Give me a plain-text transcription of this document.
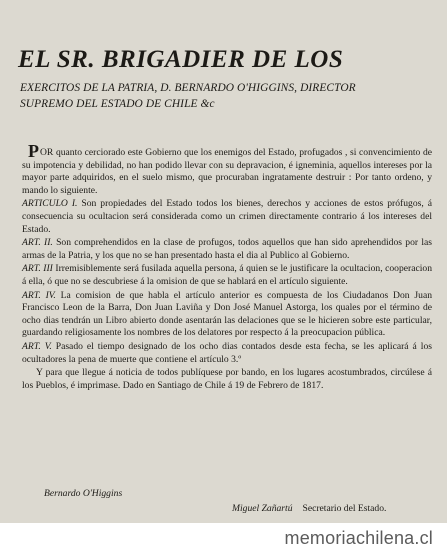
EL SR. BRIGADIER DE LOS
EXERCITOS DE LA PATRIA, D. BERNARDO O'HIGGINS, DIRECTOR
SUPREMO DEL ESTADO DE CHILE &c

POR quanto cerciorado este Gobierno que los enemigos del Estado, profugados , si convencimiento de su impotencia y debilidad, no han podido llevar con su depravacion, é igneminia, aquellos intereses por la mayor parte adquiridos, en el suelo mismo, que procuraban ingratamente destruir : Por tanto ordeno, y mando lo siguiente.

ARTICULO I. Son propiedades del Estado todos los bienes, derechos y acciones de estos prófugos, á consecuencia su ocultacion será considerada como un crimen directamente contrario á los intereses del Estado.

ART. II. Son comprehendidos en la clase de profugos, todos aquellos que han sido aprehendidos por las armas de la Patria, y los que no se han presentado hasta el dia al Publico al Gobierno.

ART. III Irremisiblemente será fusilada aquella persona, á quien se le justificare la ocultacion, cooperacion á ella, ó que no se descubriese á la omision de que se hablará en el artículo siguiente.

ART. IV. La comision de que habla el artículo anterior es compuesta de los Ciudadanos Don Juan Francisco Leon de la Barra, Don Juan Laviña y Don José Manuel Astorga, los quales por el término de ocho dias tendrán un Libro abierto donde asentarán las delaciones que se le hicieren sobre este particular, guardando religiosamente los nombres de los delatores por respecto á la preocupacion pública.

ART. V. Pasado el tiempo designado de los ocho dias contados desde esta fecha, se les aplicará á los ocultadores la pena de muerte que contiene el artículo 3.º

Y para que llegue á noticia de todos publíquese por bando, en los lugares acostumbrados, circúlese á los Pueblos, é imprimase. Dado en Santiago de Chile á 19 de Febrero de 1817.

Bernardo O'Higgins
Miguel Zañartú Secretario del Estado.
memoriachilena.cl
